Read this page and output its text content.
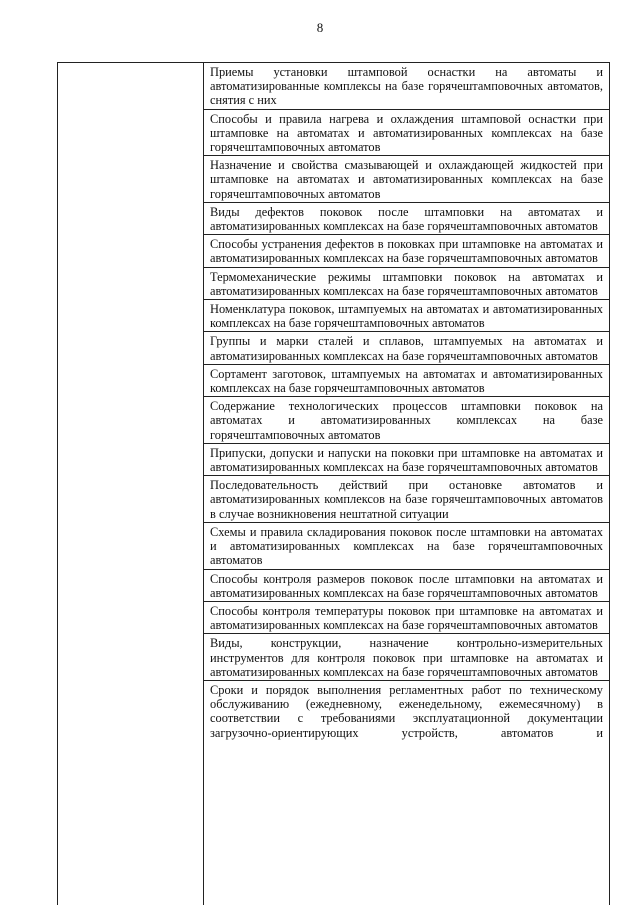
8
Приемы установки штамповой оснастки на автоматы и автоматизированные комплексы на базе горячештамповочных автоматов, снятия с них
Способы и правила нагрева и охлаждения штамповой оснастки при штамповке на автоматах и автоматизированных комплексах на базе горячештамповочных автоматов
Назначение и свойства смазывающей и охлаждающей жидкостей при штамповке на автоматах и автоматизированных комплексах на базе горячештамповочных автоматов
Виды дефектов поковок после штамповки на автоматах и автоматизированных комплексах на базе горячештамповочных автоматов
Способы устранения дефектов в поковках при штамповке на автоматах и автоматизированных комплексах на базе горячештамповочных автоматов
Термомеханические режимы штамповки поковок на автоматах и автоматизированных комплексах на базе горячештамповочных автоматов
Номенклатура поковок, штампуемых на автоматах и автоматизированных комплексах на базе горячештамповочных автоматов
Группы и марки сталей и сплавов, штампуемых на автоматах и автоматизированных комплексах на базе горячештамповочных автоматов
Сортамент заготовок, штампуемых на автоматах и автоматизированных комплексах на базе горячештамповочных автоматов
Содержание технологических процессов штамповки поковок на автоматах и автоматизированных комплексах на базе горячештамповочных автоматов
Припуски, допуски и напуски на поковки при штамповке на автоматах и автоматизированных комплексах на базе горячештамповочных автоматов
Последовательность действий при остановке автоматов и автоматизированных комплексов на базе горячештамповочных автоматов в случае возникновения нештатной ситуации
Схемы и правила складирования поковок после штамповки на автоматах и автоматизированных комплексах на базе горячештамповочных автоматов
Способы контроля размеров поковок после штамповки на автоматах и автоматизированных комплексах на базе горячештамповочных автоматов
Способы контроля температуры поковок при штамповке на автоматах и автоматизированных комплексах на базе горячештамповочных автоматов
Виды, конструкции, назначение контрольно-измерительных инструментов для контроля поковок при штамповке на автоматах и автоматизированных комплексах на базе горячештамповочных автоматов
Сроки и порядок выполнения регламентных работ по техническому обслуживанию (ежедневному, еженедельному, ежемесячному) в соответствии с требованиями эксплуатационной документации загрузочно-ориентирующих устройств, автоматов и
